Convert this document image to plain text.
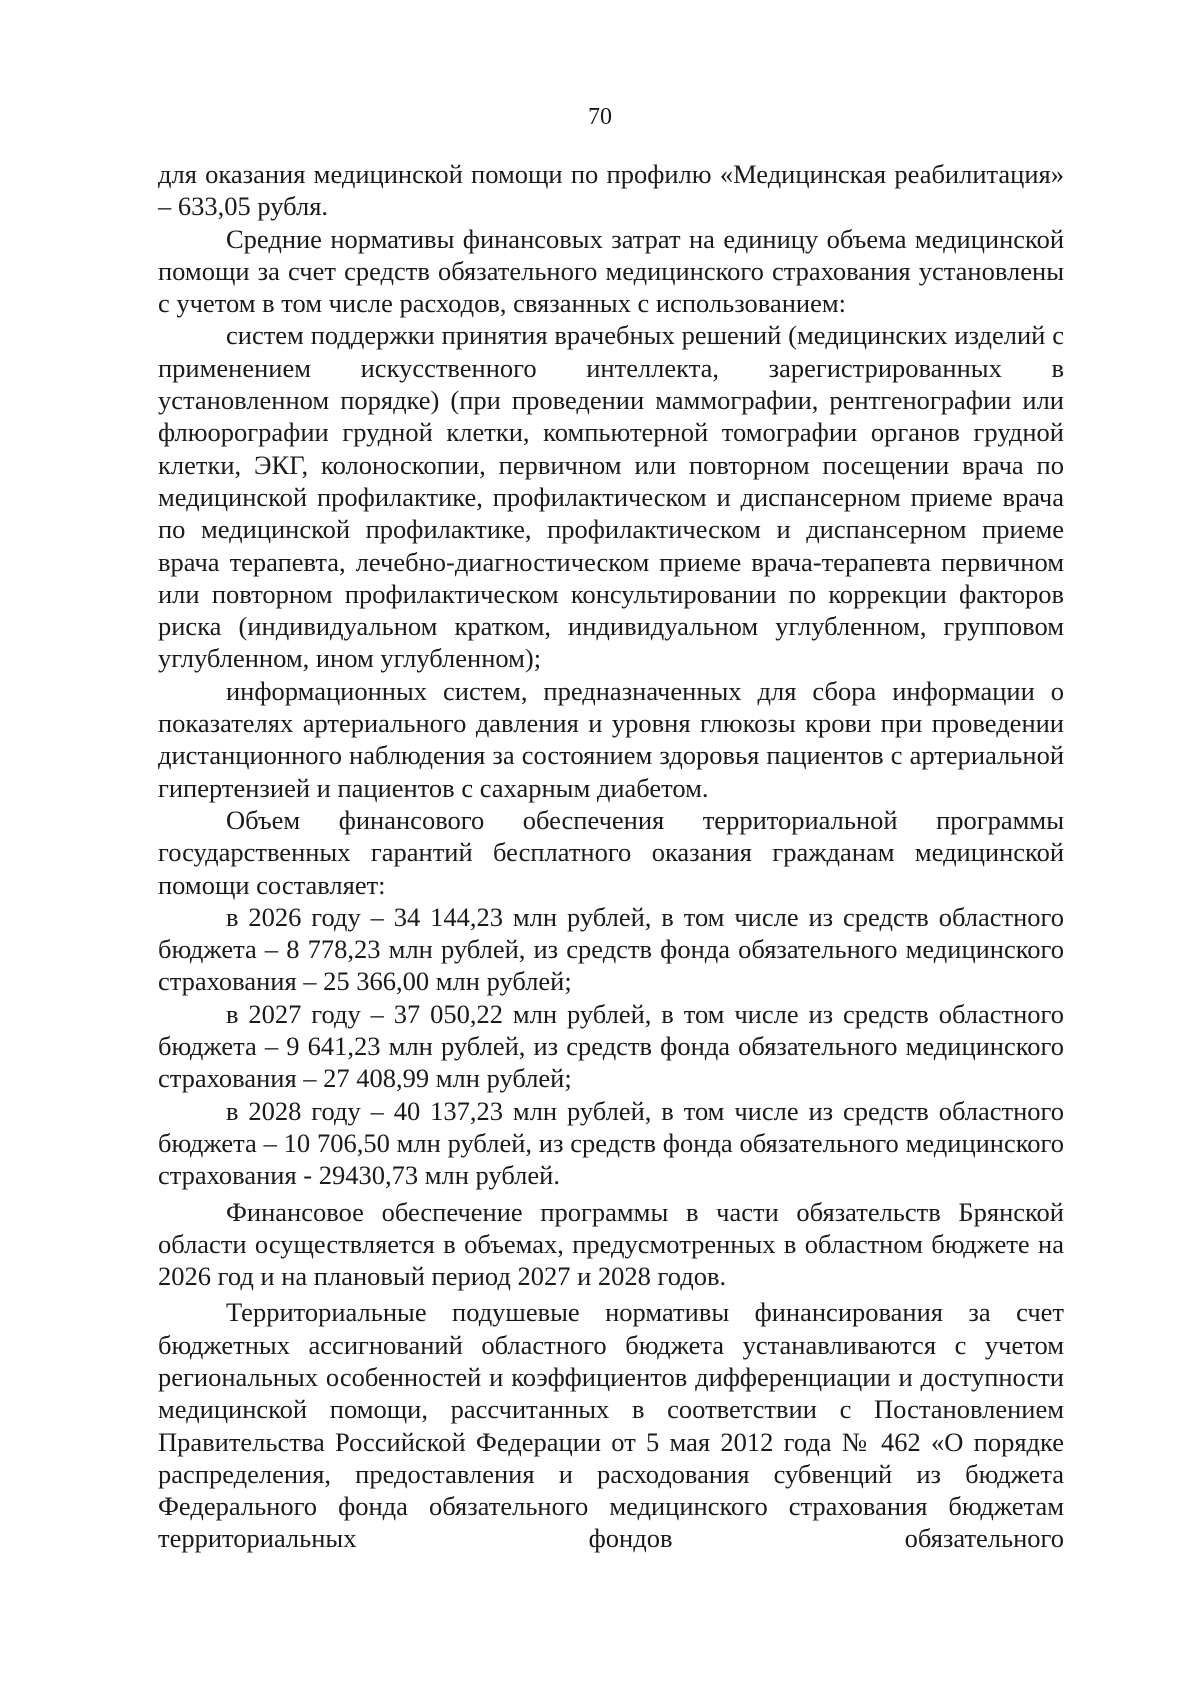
70

для оказания медицинской помощи по профилю «Медицинская реабилитация» – 633,05 рубля.

Средние нормативы финансовых затрат на единицу объема медицинской помощи за счет средств обязательного медицинского страхования установлены с учетом в том числе расходов, связанных с использованием:

систем поддержки принятия врачебных решений (медицинских изделий с применением искусственного интеллекта, зарегистрированных в установленном порядке) (при проведении маммографии, рентгенографии или флюорографии грудной клетки, компьютерной томографии органов грудной клетки, ЭКГ, колоноскопии, первичном или повторном посещении врача по медицинской профилактике, профилактическом и диспансерном приеме врача по медицинской профилактике, профилактическом и диспансерном приеме врача терапевта, лечебно-диагностическом приеме врача-терапевта первичном или повторном профилактическом консультировании по коррекции факторов риска (индивидуальном кратком, индивидуальном углубленном, групповом углубленном, ином углубленном);

информационных систем, предназначенных для сбора информации о показателях артериального давления и уровня глюкозы крови при проведении дистанционного наблюдения за состоянием здоровья пациентов с артериальной гипертензией и пациентов с сахарным диабетом.

Объем финансового обеспечения территориальной программы государственных гарантий бесплатного оказания гражданам медицинской помощи составляет:

в 2026 году – 34 144,23 млн рублей, в том числе из средств областного бюджета – 8 778,23 млн рублей, из средств фонда обязательного медицинского страхования – 25 366,00 млн рублей;

в 2027 году – 37 050,22 млн рублей, в том числе из средств областного бюджета – 9 641,23 млн рублей, из средств фонда обязательного медицинского страхования – 27 408,99 млн рублей;

в 2028 году – 40 137,23 млн рублей, в том числе из средств областного бюджета – 10 706,50 млн рублей, из средств фонда обязательного медицинского страхования - 29430,73 млн рублей.

Финансовое обеспечение программы в части обязательств Брянской области осуществляется в объемах, предусмотренных в областном бюджете на 2026 год и на плановый период 2027 и 2028 годов.

Территориальные подушевые нормативы финансирования за счет бюджетных ассигнований областного бюджета устанавливаются с учетом региональных особенностей и коэффициентов дифференциации и доступности медицинской помощи, рассчитанных в соответствии с Постановлением Правительства Российской Федерации от 5 мая 2012 года № 462 «О порядке распределения, предоставления и расходования субвенций из бюджета Федерального фонда обязательного медицинского страхования бюджетам территориальных фондов обязательного
